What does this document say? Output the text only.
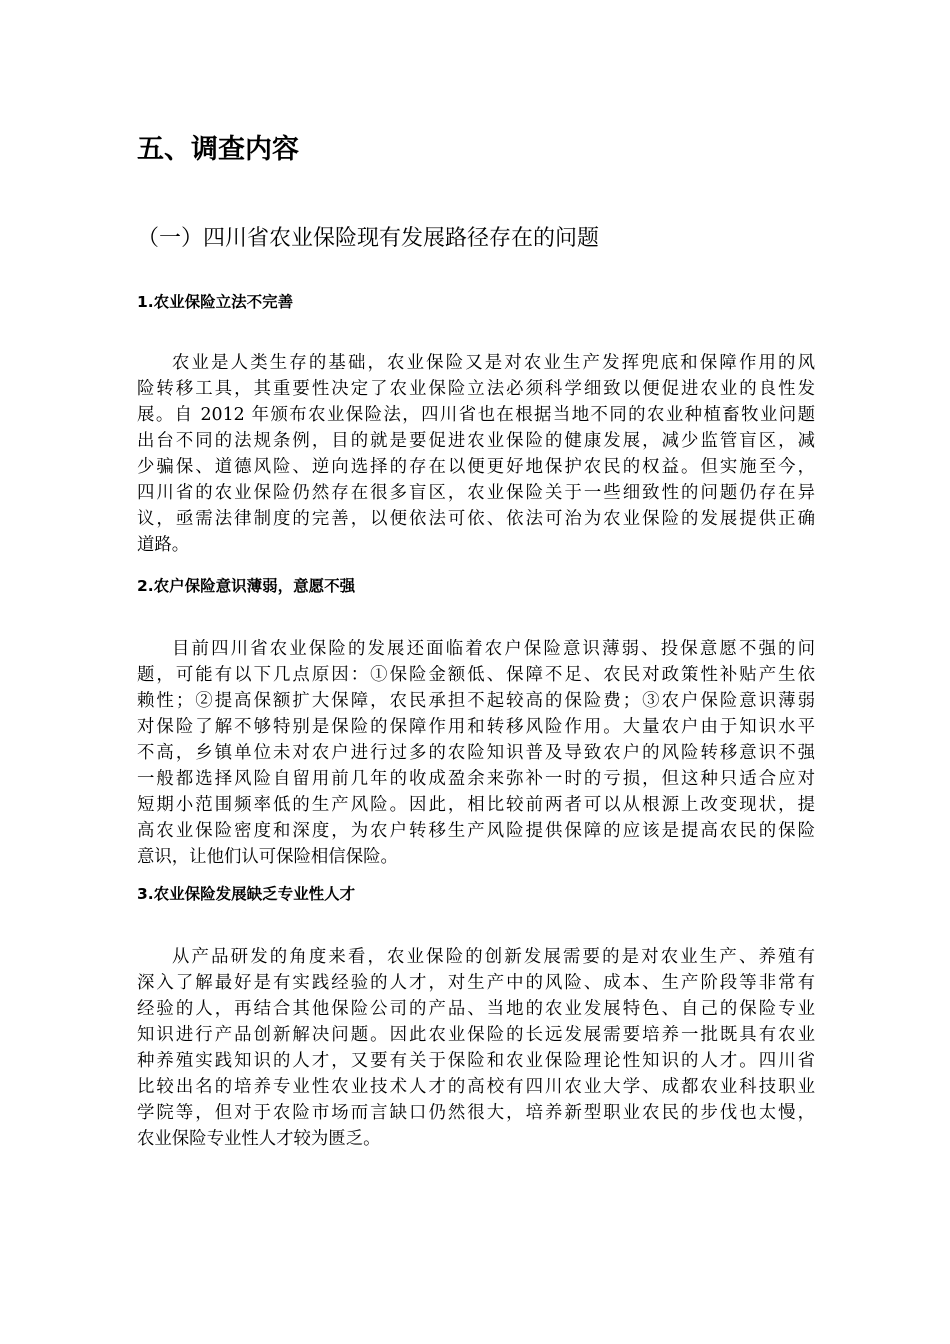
五、调查内容
（一）四川省农业保险现有发展路径存在的问题
1.农业保险立法不完善
农业是人类生存的基础，农业保险又是对农业生产发挥兜底和保障作用的风
险转移工具，其重要性决定了农业保险立法必须科学细致以便促进农业的良性发
展。自 2012 年颁布农业保险法，四川省也在根据当地不同的农业种植畜牧业问题
出台不同的法规条例，目的就是要促进农业保险的健康发展，减少监管盲区，减
少骗保、道德风险、逆向选择的存在以便更好地保护农民的权益。但实施至今，
四川省的农业保险仍然存在很多盲区，农业保险关于一些细致性的问题仍存在异
议，亟需法律制度的完善，以便依法可依、依法可治为农业保险的发展提供正确
道路。
2.农户保险意识薄弱，意愿不强
目前四川省农业保险的发展还面临着农户保险意识薄弱、投保意愿不强的问
题，可能有以下几点原因：①保险金额低、保障不足、农民对政策性补贴产生依
赖性；②提高保额扩大保障，农民承担不起较高的保险费；③农户保险意识薄弱
对保险了解不够特别是保险的保障作用和转移风险作用。大量农户由于知识水平
不高，乡镇单位未对农户进行过多的农险知识普及导致农户的风险转移意识不强
一般都选择风险自留用前几年的收成盈余来弥补一时的亏损，但这种只适合应对
短期小范围频率低的生产风险。因此，相比较前两者可以从根源上改变现状，提
高农业保险密度和深度，为农户转移生产风险提供保障的应该是提高农民的保险
意识，让他们认可保险相信保险。
3.农业保险发展缺乏专业性人才
从产品研发的角度来看，农业保险的创新发展需要的是对农业生产、养殖有
深入了解最好是有实践经验的人才，对生产中的风险、成本、生产阶段等非常有
经验的人，再结合其他保险公司的产品、当地的农业发展特色、自己的保险专业
知识进行产品创新解决问题。因此农业保险的长远发展需要培养一批既具有农业
种养殖实践知识的人才，又要有关于保险和农业保险理论性知识的人才。四川省
比较出名的培养专业性农业技术人才的高校有四川农业大学、成都农业科技职业
学院等，但对于农险市场而言缺口仍然很大，培养新型职业农民的步伐也太慢，
农业保险专业性人才较为匮乏。
